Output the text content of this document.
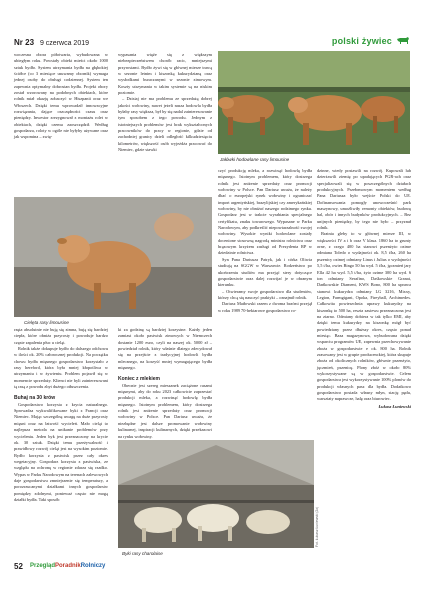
Nr 23 9 czerwca 2019	polski żywiec

woczesna obora półotwarta, wybudowana w ubiegłym roku. Powstały obiekt mieści około 1000 sztuk bydło. System utrzymania bydła na głębokiej ściółce (co 3 miesiące usuwamy obornik) wymaga jednej osoby do obsługi codziennej. System ten zapewnia optymalny dobrostan bydła. Projekt obory został wzorowany na podobnych obiektach, które rolnik miał okazję zobaczyć w Hiszpanii oraz we Włoszech. Dzięki temu wprowadził innowacyjne rozwiązania, dające oszczędności czasu oraz pieniędzy. Inwestor zrezygnował z montażu rolet w obiektach, dzięki czemu zaoszczędził. Według gospodarza, roloty w ogóle nie byłyby używane oraz jak wspomina – zwię-

wypasania więźe się z większym niebezpieczeństwem chorób racic, mniejszymi przyrostami. Bydło żywi się w głównej mierze trawą w sezonie letnim i kiszonką kukurydzianą oraz wysłodkami buraczanymi w sezonie zimowym. Koszty utrzymania w takim systemie są na niskim poziomie.

– Dzisiaj nie ma problemu ze sprzedażą dobrej jakości wołowiny, nawet jeżeli nasza hodowla bydła byłaby rasy większa, był by się nadal zainteresowanie tym sposobem z tego powodu. Jednym z istotniejszych problemów jest brak wykształconych pracowników do pracy w regionie, gdzie od zachodniej granicy dzieli odległość kilkudziesięciu kilometrów, większość osób wyjeżdża pracować do Niemiec, gdzie stawki

Jałówki hodowlane rasy limousine
Cielęta rasy limousine

czyć produkcję mleka, a rozwinąć hodowlę bydła mięsnego. Istotnym problemem, który dostrzega rolnik jest zniżenie sprzedaży oraz promocji wołowiny w Polsce. Pan Dariusz uważa, że należy dbać o europejski rynek wołowiny i ograniczać import argentyńskiej, brazylijskiej czy amerykańskiej wołowiny, by nie obniżać naszego rodzimego rynku. Gospodarz jest w trakcie wyrabiania specjalnego certyfikatu, znaku towarowego. Wypasane w Parku Narodowym, aby podkreślić niepowtarzalność swojej wołowiny. Wysokie wyniki hodowlane zostały docenione stosowną nagrodą ministra rolnictwa oraz brązowym krzyżem zasługi od Prezydenta RP w dziedzinie rolnictwa.

Syn Pana Dariusza Patryk, jak i córka Oliwia studiują na SGGW w Warszawie. Rodzeństwo po ukończeniu studiów ma przejąć stery dotyczące gospodarstwie oraz dalej rozwijać je w obranym kierunku.

– Otwieramy swoje gospodarstwo dla studentów, którzy chcą się nauczyć praktyki – oznajmił rolnik.

Dariusz Matłowski razem z dwoma braćmi przejął w roku 1989 70-hektarowe gospodarstwo ro-

dzinne, wtedy postawili na rozwój. Kupowali lub dzierżawili ziemię po upadających PGR-ach oraz specjalizowali się w poszczególnych działach produkcyjnych. Przełomowym momentem według Pana Dariusza było wejście Polski do UE. Dofinansowania pomogły unowocześnić park maszynowy, umożliwiły remonty obiektów, budowę hal, obór i innych budynków produkcyjnych. – Bez unijnych pieniędzy, by tego nie było – przyznał rolnik.

Bratnia gleby to w głównej mierze III, w większości IV a i b oraz V klasa. 1860 ha to grunty orne, z czego 400 ha stanowi pszenżyto ozime odmiana Toledo o wydajności ok. 8,5 t/ha, 260 ha pszenicy ozimej odmiany Linus i Julius o wydajności 5,5 t/ha, owies Bingo 50 ha wyd. 5 t/ha, jęczmień jary Ella 42 ha wyd. 5,5 t/ha, żyto ozime 300 ha wyd. 6 ton odmiany Serafino, Daśkowskie Granat, Dańkowskie Diament, KWS Bono, 800 ha uprawa stanowi kukurydza odmiany LG 3216, Mixxy, Legion, Farmgigant, Opoka, Fireyball, Archimedes. Całkowita powierzchnia uprawy kukurydzy na kiszonkę to 500 ha, reszta zasiewu przeznaczona jest na ziarno. Odmiany dobiera w tak tylko EMI, aby dzięki temu kukurydzy na kiszonkę mógł być powiedziany przez dłuższy okres, często ponad miesiąc. Baza magazynowa, wybudowana dzięki wsparciu programów UE, zapewnia przechowywanie zboża w gospodarstwie e ok. 800 ha. Rolnik zrasowany jest w grupie producenckiej, która skupuje zboża od okolicznych rolników, głównie pszenżyto, jęczmień, pszenicę. Plony zbóż w około 80% wykorzystywane są w gospodarstwie. Celem gospodarstwa jest wykorzystywanie 100% plonów do produkcji własnych pasz dla bydła. Dodatkowo gospodarstwo posiada własny młyn, stację pędu, warsztaty naprawcze, halę oraz biurowiec.

Łukasz Łuniewski

rzęta absolutnie nie bują się zimna, bują się bardziej ciepła, które obniża przyrosty i powoduje bardzo częste zapalenia płuc u cieląt.

Rolnik także dokupuje bydło do dalszego odchowu w ilości ok. 20% całorocznej produkcji. Na początku chowu bydła mięsnego gospodarstwo korzystało z rasy hereford, która była mniej kłopotliwa w utrzymaniu i w żywieniu. Problem pojawił się w momencie sprzedaży. Klienci nie byli zainteresowani tą rasą z powodu zbyt dużego otłuszczenia.

Buhaj na 30 krów

Gospodarstwo korzysta z krycia naturalnego. Sprowadza wykwalifikowane byki z Francji oraz Niemiec. Mając szczególną uwagę na duże przyrosty mięsni oraz na łatwość wycieleń. Mało cieląt to najlepsza metoda na unikanie problemów przy wycieleniu. Jeden byk jest przeznaczony na krycie ok. 30 sztuk. Dzięki temu przeżywalność i prawidłowy rozwój cieląt jest na wysokim poziomie. Bydło korzysta z pastwisk przez cały okres wegetacyjny. Gospodarz korzysta z pastwiska, ze względu na ochronę w regionie zdarza się rzadko. Wypas w Parku Narodowym na terenach zalewowych daje gospodarstwu zmniejszenie się temperatury, a porozrzucanymi działkami innych gospodarstw pomiędzy zdolnymi, ponieważ często nie mogą działki bydła. Taki sposób

ki za godzinę są bardziej korzystne. Każdy jeden zamiast około pastwisk zimowych w Niemczech dostanie 1200 euro, czyli na naszej ok. 5000 zł – powiedział rolnik, który właśnie dlatego zdecydował się na przejście z tradycyjnej hodowli bydła mlecznego, na korzyść mniej wymagającego bydła mięsnego.

Koniec z mlekiem

Obecnie jest szereg mieszanek zaciążone rasami mięsnymi, aby do roku 2023 całkowicie zaprzestać produkcji mleka, a rozwinąć hodowlę bydła mięsnego. Istotnym problemem, który dostrzega rolnik jest zniżenie sprzedaży oraz promocji wołowiny w Polsce. Pan Dariusz uważa, że niezbędne jest dalsze promowanie wołowiny kulinarnej, inspiracji kulinarnych, dzięki przekazowi na rynku wołowiny.

Fot. Łukasz Łuniewski (2x)
Byki rasy charolaise
52 PrzeglądPoradnikRolniczy
